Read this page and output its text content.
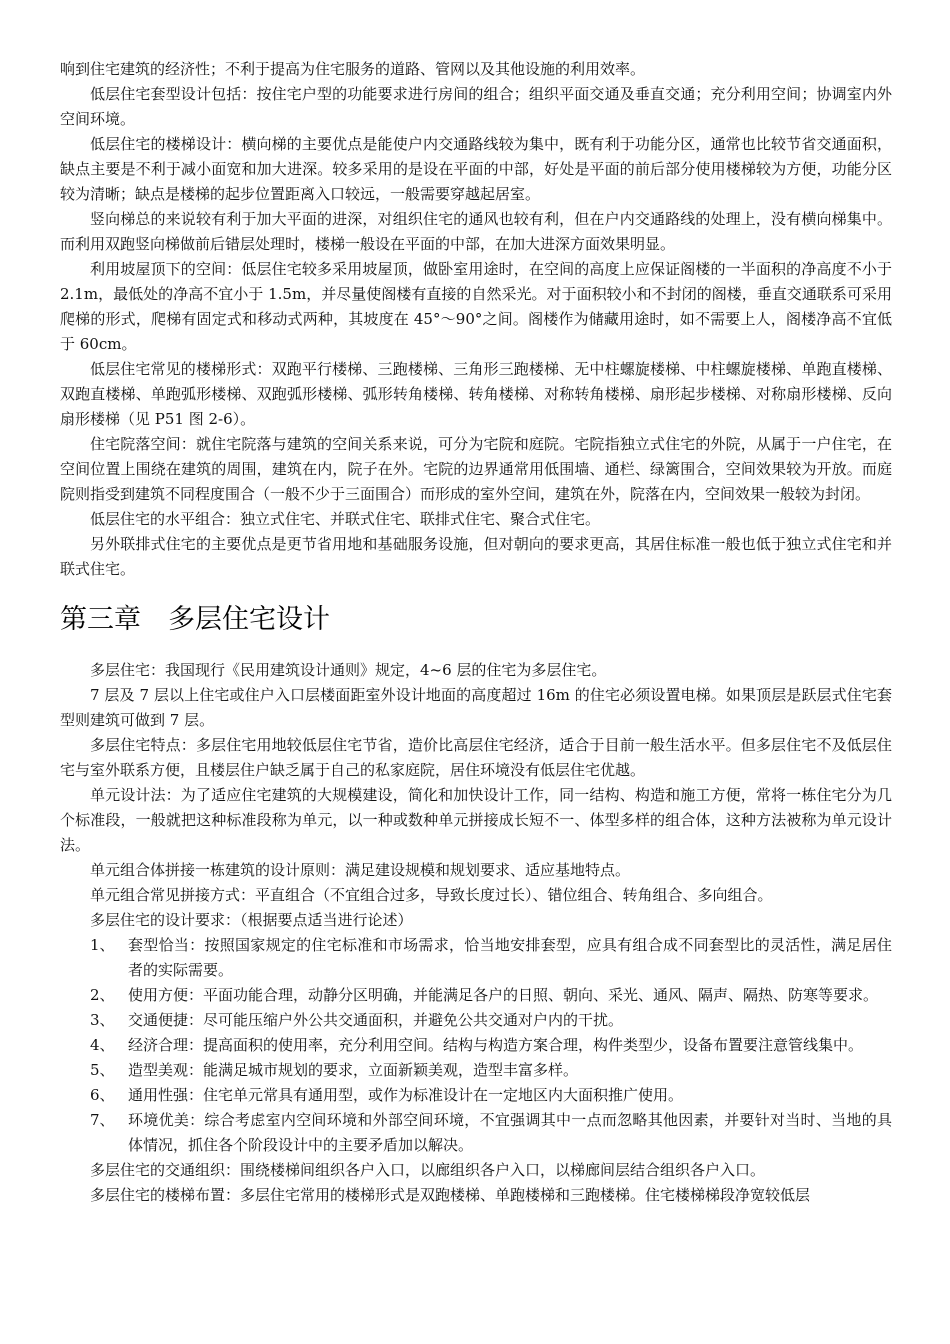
响到住宅建筑的经济性；不利于提高为住宅服务的道路、管网以及其他设施的利用效率。

低层住宅套型设计包括：按住宅户型的功能要求进行房间的组合；组织平面交通及垂直交通；充分利用空间；协调室内外空间环境。

低层住宅的楼梯设计：横向梯的主要优点是能使户内交通路线较为集中，既有利于功能分区，通常也比较节省交通面积，缺点主要是不利于减小面宽和加大进深。较多采用的是设在平面的中部，好处是平面的前后部分使用楼梯较为方便，功能分区较为清晰；缺点是楼梯的起步位置距离入口较远，一般需要穿越起居室。

竖向梯总的来说较有利于加大平面的进深，对组织住宅的通风也较有利，但在户内交通路线的处理上，没有横向梯集中。而利用双跑竖向梯做前后错层处理时，楼梯一般设在平面的中部，在加大进深方面效果明显。

利用坡屋顶下的空间：低层住宅较多采用坡屋顶，做卧室用途时，在空间的高度上应保证阁楼的一半面积的净高度不小于 2.1m，最低处的净高不宜小于 1.5m，并尽量使阁楼有直接的自然采光。对于面积较小和不封闭的阁楼，垂直交通联系可采用爬梯的形式，爬梯有固定式和移动式两种，其坡度在 45°～90°之间。阁楼作为储藏用途时，如不需要上人，阁楼净高不宜低于 60cm。

低层住宅常见的楼梯形式：双跑平行楼梯、三跑楼梯、三角形三跑楼梯、无中柱螺旋楼梯、中柱螺旋楼梯、单跑直楼梯、双跑直楼梯、单跑弧形楼梯、双跑弧形楼梯、弧形转角楼梯、转角楼梯、对称转角楼梯、扇形起步楼梯、对称扇形楼梯、反向扇形楼梯（见 P51 图 2-6）。

住宅院落空间：就住宅院落与建筑的空间关系来说，可分为宅院和庭院。宅院指独立式住宅的外院，从属于一户住宅，在空间位置上围绕在建筑的周围，建筑在内，院子在外。宅院的边界通常用低围墙、通栏、绿篱围合，空间效果较为开放。而庭院则指受到建筑不同程度围合（一般不少于三面围合）而形成的室外空间，建筑在外，院落在内，空间效果一般较为封闭。

低层住宅的水平组合：独立式住宅、并联式住宅、联排式住宅、聚合式住宅。

另外联排式住宅的主要优点是更节省用地和基础服务设施，但对朝向的要求更高，其居住标准一般也低于独立式住宅和并联式住宅。

第三章　多层住宅设计

多层住宅：我国现行《民用建筑设计通则》规定，4~6 层的住宅为多层住宅。

7 层及 7 层以上住宅或住户入口层楼面距室外设计地面的高度超过 16m 的住宅必须设置电梯。如果顶层是跃层式住宅套型则建筑可做到 7 层。

多层住宅特点：多层住宅用地较低层住宅节省，造价比高层住宅经济，适合于目前一般生活水平。但多层住宅不及低层住宅与室外联系方便，且楼层住户缺乏属于自己的私家庭院，居住环境没有低层住宅优越。

单元设计法：为了适应住宅建筑的大规模建设，简化和加快设计工作，同一结构、构造和施工方便，常将一栋住宅分为几个标准段，一般就把这种标准段称为单元，以一种或数种单元拼接成长短不一、体型多样的组合体，这种方法被称为单元设计法。

单元组合体拼接一栋建筑的设计原则：满足建设规模和规划要求、适应基地特点。

单元组合常见拼接方式：平直组合（不宜组合过多，导致长度过长）、错位组合、转角组合、多向组合。

多层住宅的设计要求：（根据要点适当进行论述）

1、 套型恰当：按照国家规定的住宅标准和市场需求，恰当地安排套型，应具有组合成不同套型比的灵活性，满足居住者的实际需要。
2、 使用方便：平面功能合理，动静分区明确，并能满足各户的日照、朝向、采光、通风、隔声、隔热、防寒等要求。
3、 交通便捷：尽可能压缩户外公共交通面积，并避免公共交通对户内的干扰。
4、 经济合理：提高面积的使用率，充分利用空间。结构与构造方案合理，构件类型少，设备布置要注意管线集中。
5、 造型美观：能满足城市规划的要求，立面新颖美观，造型丰富多样。
6、 通用性强：住宅单元常具有通用型，或作为标准设计在一定地区内大面积推广使用。
7、 环境优美：综合考虑室内空间环境和外部空间环境，不宜强调其中一点而忽略其他因素，并要针对当时、当地的具体情况，抓住各个阶段设计中的主要矛盾加以解决。

多层住宅的交通组织：围绕楼梯间组织各户入口，以廊组织各户入口，以梯廊间层结合组织各户入口。

多层住宅的楼梯布置：多层住宅常用的楼梯形式是双跑楼梯、单跑楼梯和三跑楼梯。住宅楼梯梯段净宽较低层
